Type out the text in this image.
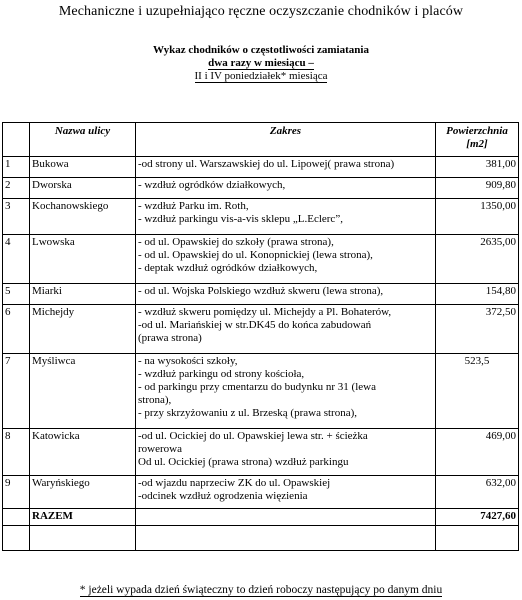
Mechaniczne i uzupełniająco ręczne oczyszczanie chodników i placów
Wykaz chodników o częstotliwości zamiatania
dwa razy w miesiącu –
II i IV poniedziałek* miesiąca
	Nazwa ulicy	Zakres	Powierzchnia [m2]
1	Bukowa	-od strony ul. Warszawskiej do ul. Lipowej( prawa strona)	381,00
2	Dworska	- wzdłuż ogródków działkowych,	909,80
3	Kochanowskiego	- wzdłuż Parku im. Roth,
- wzdłuż parkingu vis-a-vis sklepu „L.Eclerc”,	1350,00
4	Lwowska	- od ul. Opawskiej do szkoły (prawa strona),
- od ul. Opawskiej do ul. Konopnickiej (lewa strona),
- deptak wzdłuż ogródków działkowych,	2635,00
5	Miarki	- od ul. Wojska Polskiego wzdłuż skweru (lewa strona),	154,80
6	Michejdy	- wzdłuż skweru pomiędzy ul. Michejdy a Pl. Bohaterów,
-od ul. Mariańskiej w str.DK45 do końca zabudowań
(prawa strona)	372,50
7	Myśliwca	- na wysokości szkoły,
- wzdłuż parkingu od strony kościoła,
- od parkingu przy cmentarzu do budynku nr 31 (lewa
strona),
- przy skrzyżowaniu z ul. Brzeską (prawa strona),	523,5
8	Katowicka	-od ul. Ocickiej do ul. Opawskiej lewa str. + ścieżka
rowerowa
Od ul. Ocickiej (prawa strona) wzdłuż parkingu	469,00
9	Waryńskiego	-od wjazdu naprzeciw ZK do ul. Opawskiej
-odcinek wzdłuż ogrodzenia więzienia	632,00
	RAZEM		7427,60

* jeżeli wypada dzień świąteczny to dzień roboczy następujący po danym dniu
